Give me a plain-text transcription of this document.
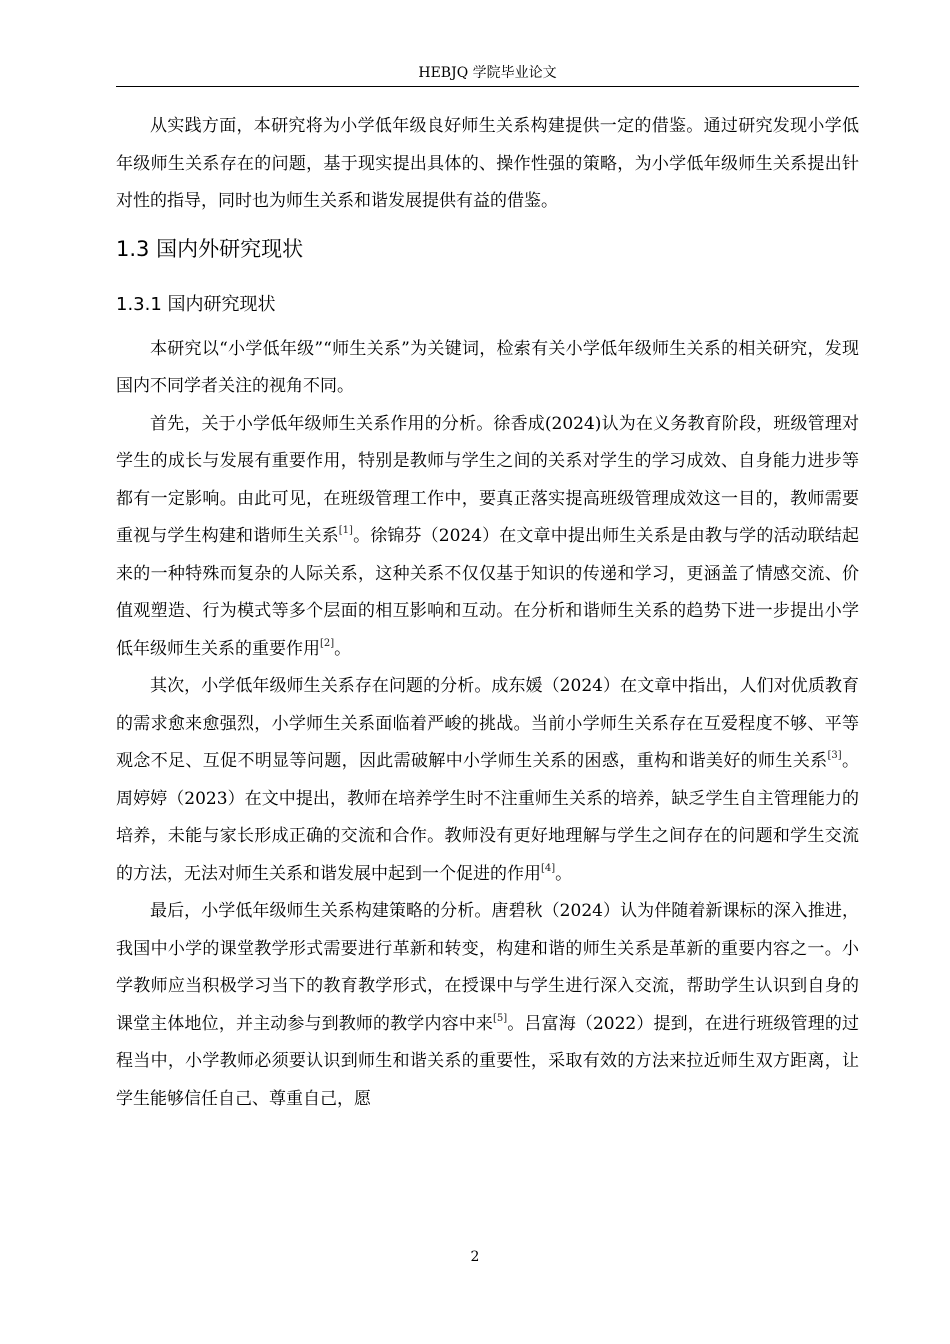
HEBJQ 学院毕业论文

从实践方面，本研究将为小学低年级良好师生关系构建提供一定的借鉴。通过研究发现小学低年级师生关系存在的问题，基于现实提出具体的、操作性强的策略，为小学低年级师生关系提出针对性的指导，同时也为师生关系和谐发展提供有益的借鉴。

1.3 国内外研究现状
1.3.1 国内研究现状

本研究以“小学低年级”“师生关系”为关键词，检索有关小学低年级师生关系的相关研究，发现国内不同学者关注的视角不同。

首先，关于小学低年级师生关系作用的分析。徐香成(2024)认为在义务教育阶段，班级管理对学生的成长与发展有重要作用，特别是教师与学生之间的关系对学生的学习成效、自身能力进步等都有一定影响。由此可见，在班级管理工作中，要真正落实提高班级管理成效这一目的，教师需要重视与学生构建和谐师生关系[1]。徐锦芬（2024）在文章中提出师生关系是由教与学的活动联结起来的一种特殊而复杂的人际关系，这种关系不仅仅基于知识的传递和学习，更涵盖了情感交流、价值观塑造、行为模式等多个层面的相互影响和互动。在分析和谐师生关系的趋势下进一步提出小学低年级师生关系的重要作用[2]。

其次，小学低年级师生关系存在问题的分析。成东媛（2024）在文章中指出，人们对优质教育的需求愈来愈强烈，小学师生关系面临着严峻的挑战。当前小学师生关系存在互爱程度不够、平等观念不足、互促不明显等问题，因此需破解中小学师生关系的困惑，重构和谐美好的师生关系[3]。周婷婷（2023）在文中提出，教师在培养学生时不注重师生关系的培养，缺乏学生自主管理能力的培养，未能与家长形成正确的交流和合作。教师没有更好地理解与学生之间存在的问题和学生交流的方法，无法对师生关系和谐发展中起到一个促进的作用[4]。

最后，小学低年级师生关系构建策略的分析。唐碧秋（2024）认为伴随着新课标的深入推进，我国中小学的课堂教学形式需要进行革新和转变，构建和谐的师生关系是革新的重要内容之一。小学教师应当积极学习当下的教育教学形式，在授课中与学生进行深入交流，帮助学生认识到自身的课堂主体地位，并主动参与到教师的教学内容中来[5]。吕富海（2022）提到，在进行班级管理的过程当中，小学教师必须要认识到师生和谐关系的重要性，采取有效的方法来拉近师生双方距离，让学生能够信任自己、尊重自己，愿

2
